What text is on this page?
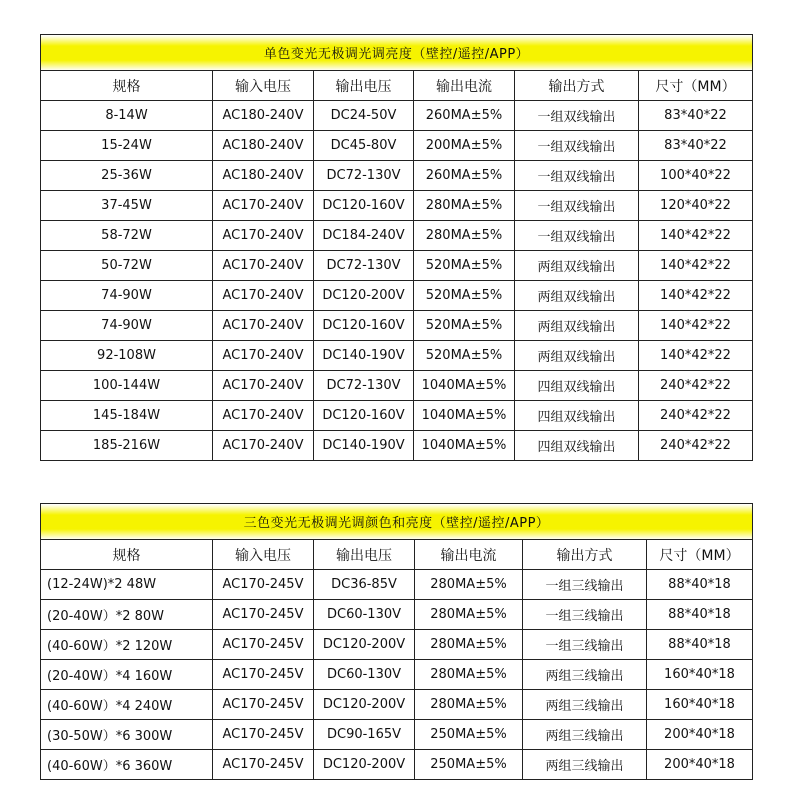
单色变光无极调光调亮度（壁控/遥控/APP）					
规格	输入电压	输出电压	输出电流	输出方式	尺寸（MM）
8-14W	AC180-240V	DC24-50V	260MA±5%	一组双线输出	83*40*22
15-24W	AC180-240V	DC45-80V	200MA±5%	一组双线输出	83*40*22
25-36W	AC180-240V	DC72-130V	260MA±5%	一组双线输出	100*40*22
37-45W	AC170-240V	DC120-160V	280MA±5%	一组双线输出	120*40*22
58-72W	AC170-240V	DC184-240V	280MA±5%	一组双线输出	140*42*22
50-72W	AC170-240V	DC72-130V	520MA±5%	两组双线输出	140*42*22
74-90W	AC170-240V	DC120-200V	520MA±5%	两组双线输出	140*42*22
74-90W	AC170-240V	DC120-160V	520MA±5%	两组双线输出	140*42*22
92-108W	AC170-240V	DC140-190V	520MA±5%	两组双线输出	140*42*22
100-144W	AC170-240V	DC72-130V	1040MA±5%	四组双线输出	240*42*22
145-184W	AC170-240V	DC120-160V	1040MA±5%	四组双线输出	240*42*22
185-216W	AC170-240V	DC140-190V	1040MA±5%	四组双线输出	240*42*22
三色变光无极调光调颜色和亮度（壁控/遥控/APP）					
规格	输入电压	输出电压	输出电流	输出方式	尺寸（MM）
(12-24W)*2 48W	AC170-245V	DC36-85V	280MA±5%	一组三线输出	88*40*18
(20-40W）*2 80W	AC170-245V	DC60-130V	280MA±5%	一组三线输出	88*40*18
(40-60W）*2 120W	AC170-245V	DC120-200V	280MA±5%	一组三线输出	88*40*18
(20-40W）*4 160W	AC170-245V	DC60-130V	280MA±5%	两组三线输出	160*40*18
(40-60W）*4 240W	AC170-245V	DC120-200V	280MA±5%	两组三线输出	160*40*18
(30-50W）*6 300W	AC170-245V	DC90-165V	250MA±5%	两组三线输出	200*40*18
(40-60W）*6 360W	AC170-245V	DC120-200V	250MA±5%	两组三线输出	200*40*18
